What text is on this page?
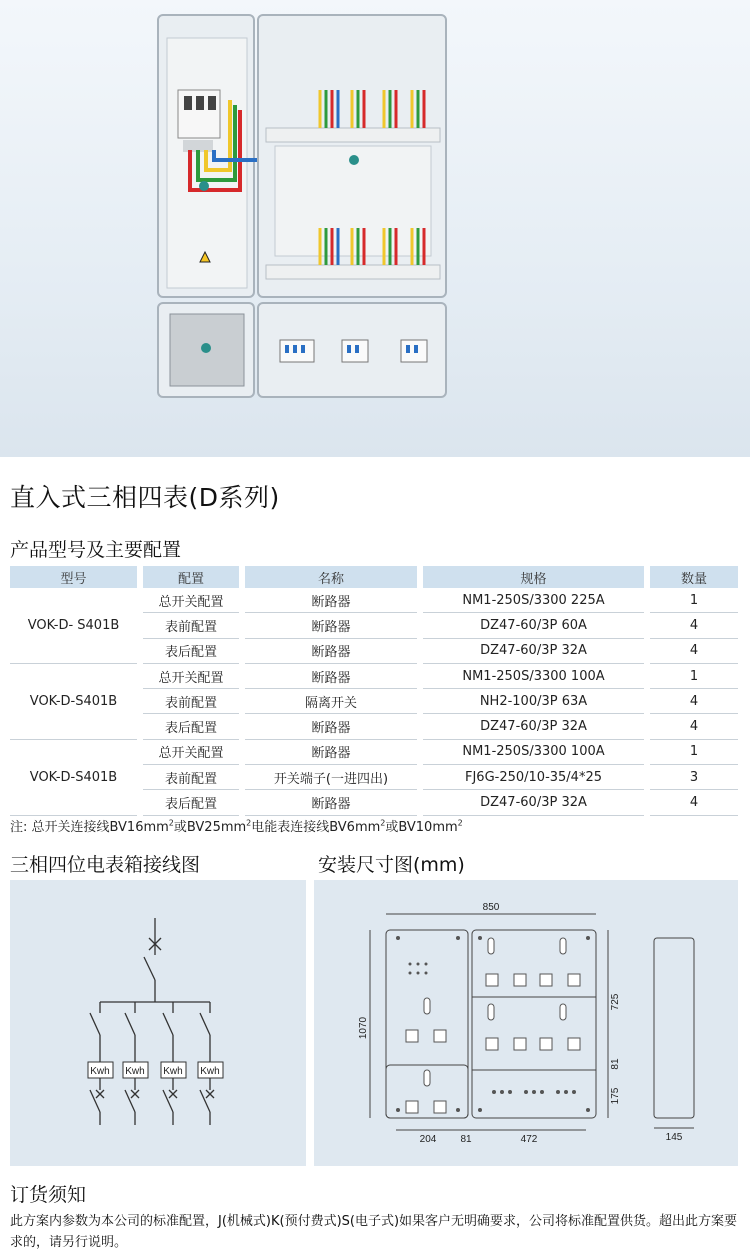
直入式三相四表(D系列)
产品型号及主要配置
型号		配置		名称		规格		数量
VOK-D- S401B		总开关配置		断路器		NM1-250S/3300 225A		1
		表前配置		断路器		DZ47-60/3P 60A		4
		表后配置		断路器		DZ47-60/3P 32A		4
VOK-D-S401B		总开关配置		断路器		NM1-250S/3300 100A		1
		表前配置		隔离开关		NH2-100/3P 63A		4
		表后配置		断路器		DZ47-60/3P 32A		4
VOK-D-S401B		总开关配置		断路器		NM1-250S/3300 100A		1
		表前配置		开关端子(一进四出)		FJ6G-250/10-35/4*25		3
		表后配置		断路器		DZ47-60/3P 32A		4
注: 总开关连接线$BV16mm^2$或$BV25mm^2$电能表连接线$BV6mm^2$或$BV10mm^2$
三相四位电表箱接线图	安装尺寸图(mm)
Kwh Kwh Kwh Kwh
850
1070
725
81
175
204 81	472	145
订货须知
此方案内参数为本公司的标准配置，J(机械式)K(预付费式)S(电子式)如果客户无明确要求，公司将标准配置供货。超出此方案要求的，请另行说明。
